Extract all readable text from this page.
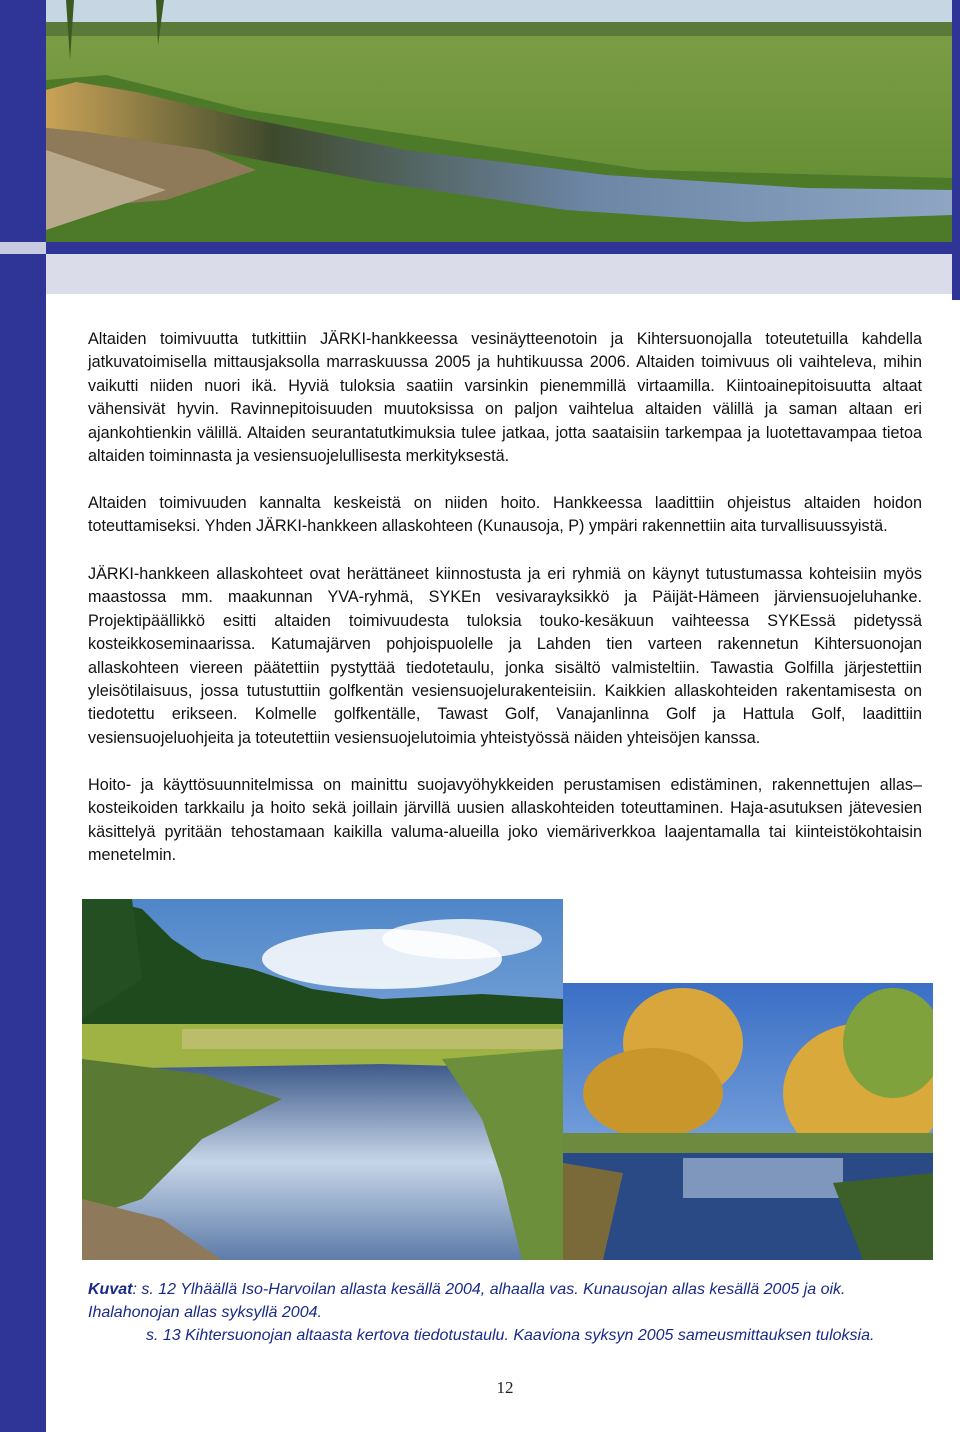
Altaiden toimivuutta tutkittiin JÄRKI-hankkeessa vesinäytteenotoin ja Kihtersuonojalla toteutetuilla kahdella jatkuvatoimisella mittausjaksolla marraskuussa 2005 ja huhtikuussa 2006. Altaiden toimivuus oli vaihteleva, mihin vaikutti niiden nuori ikä. Hyviä tuloksia saatiin varsinkin pienemmillä virtaamilla. Kiintoainepitoisuutta altaat vähensivät hyvin. Ravinnepitoisuuden muutoksissa on paljon vaihtelua altaiden välillä ja saman altaan eri ajankohtienkin välillä. Altaiden seurantatutkimuksia tulee jatkaa, jotta saataisiin tarkempaa ja luotettavampaa tietoa altaiden toiminnasta ja vesiensuojelullisesta merkityksestä.

Altaiden toimivuuden kannalta keskeistä on niiden hoito. Hankkeessa laadittiin ohjeistus altaiden hoidon toteuttamiseksi. Yhden JÄRKI-hankkeen allaskohteen (Kunausoja, P) ympäri rakennettiin aita turvallisuussyistä.

JÄRKI-hankkeen allaskohteet ovat herättäneet kiinnostusta ja eri ryhmiä on käynyt tutustumassa kohteisiin myös maastossa mm. maakunnan YVA-ryhmä, SYKEn vesivarayksikkö ja Päijät-Hämeen järviensuojeluhanke. Projektipäällikkö esitti altaiden toimivuudesta tuloksia touko-kesäkuun vaihteessa SYKEssä pidetyssä kosteikkoseminaarissa. Katumajärven pohjoispuolelle ja Lahden tien varteen rakennetun Kihtersuonojan allaskohteen viereen päätettiin pystyttää tiedotetaulu, jonka sisältö valmisteltiin. Tawastia Golfilla järjestettiin yleisötilaisuus, jossa tutustuttiin golfkentän vesiensuojelurakenteisiin. Kaikkien allaskohteiden rakentamisesta on tiedotettu erikseen. Kolmelle golfkentälle, Tawast Golf, Vanajanlinna Golf ja Hattula Golf, laadittiin vesiensuojeluohjeita ja toteutettiin vesiensuojelutoimia yhteistyössä näiden yhteisöjen kanssa.

Hoito- ja käyttösuunnitelmissa on mainittu suojavyöhykkeiden perustamisen edistäminen, rakennettujen allas–kosteikoiden tarkkailu ja hoito sekä joillain järvillä uusien allaskohteiden toteuttaminen. Haja-asutuksen jätevesien käsittelyä pyritään tehostamaan kaikilla valuma-alueilla joko viemäriverkkoa laajentamalla tai kiinteistökohtaisin menetelmin.

Kuvat: s. 12 Ylhäällä Iso-Harvoilan allasta kesällä 2004, alhaalla vas. Kunausojan allas kesällä 2005 ja oik. Ihalahonojan allas syksyllä 2004.
s. 13 Kihtersuonojan altaasta kertova tiedotustaulu. Kaaviona syksyn 2005 sameusmittauksen tuloksia.
12
